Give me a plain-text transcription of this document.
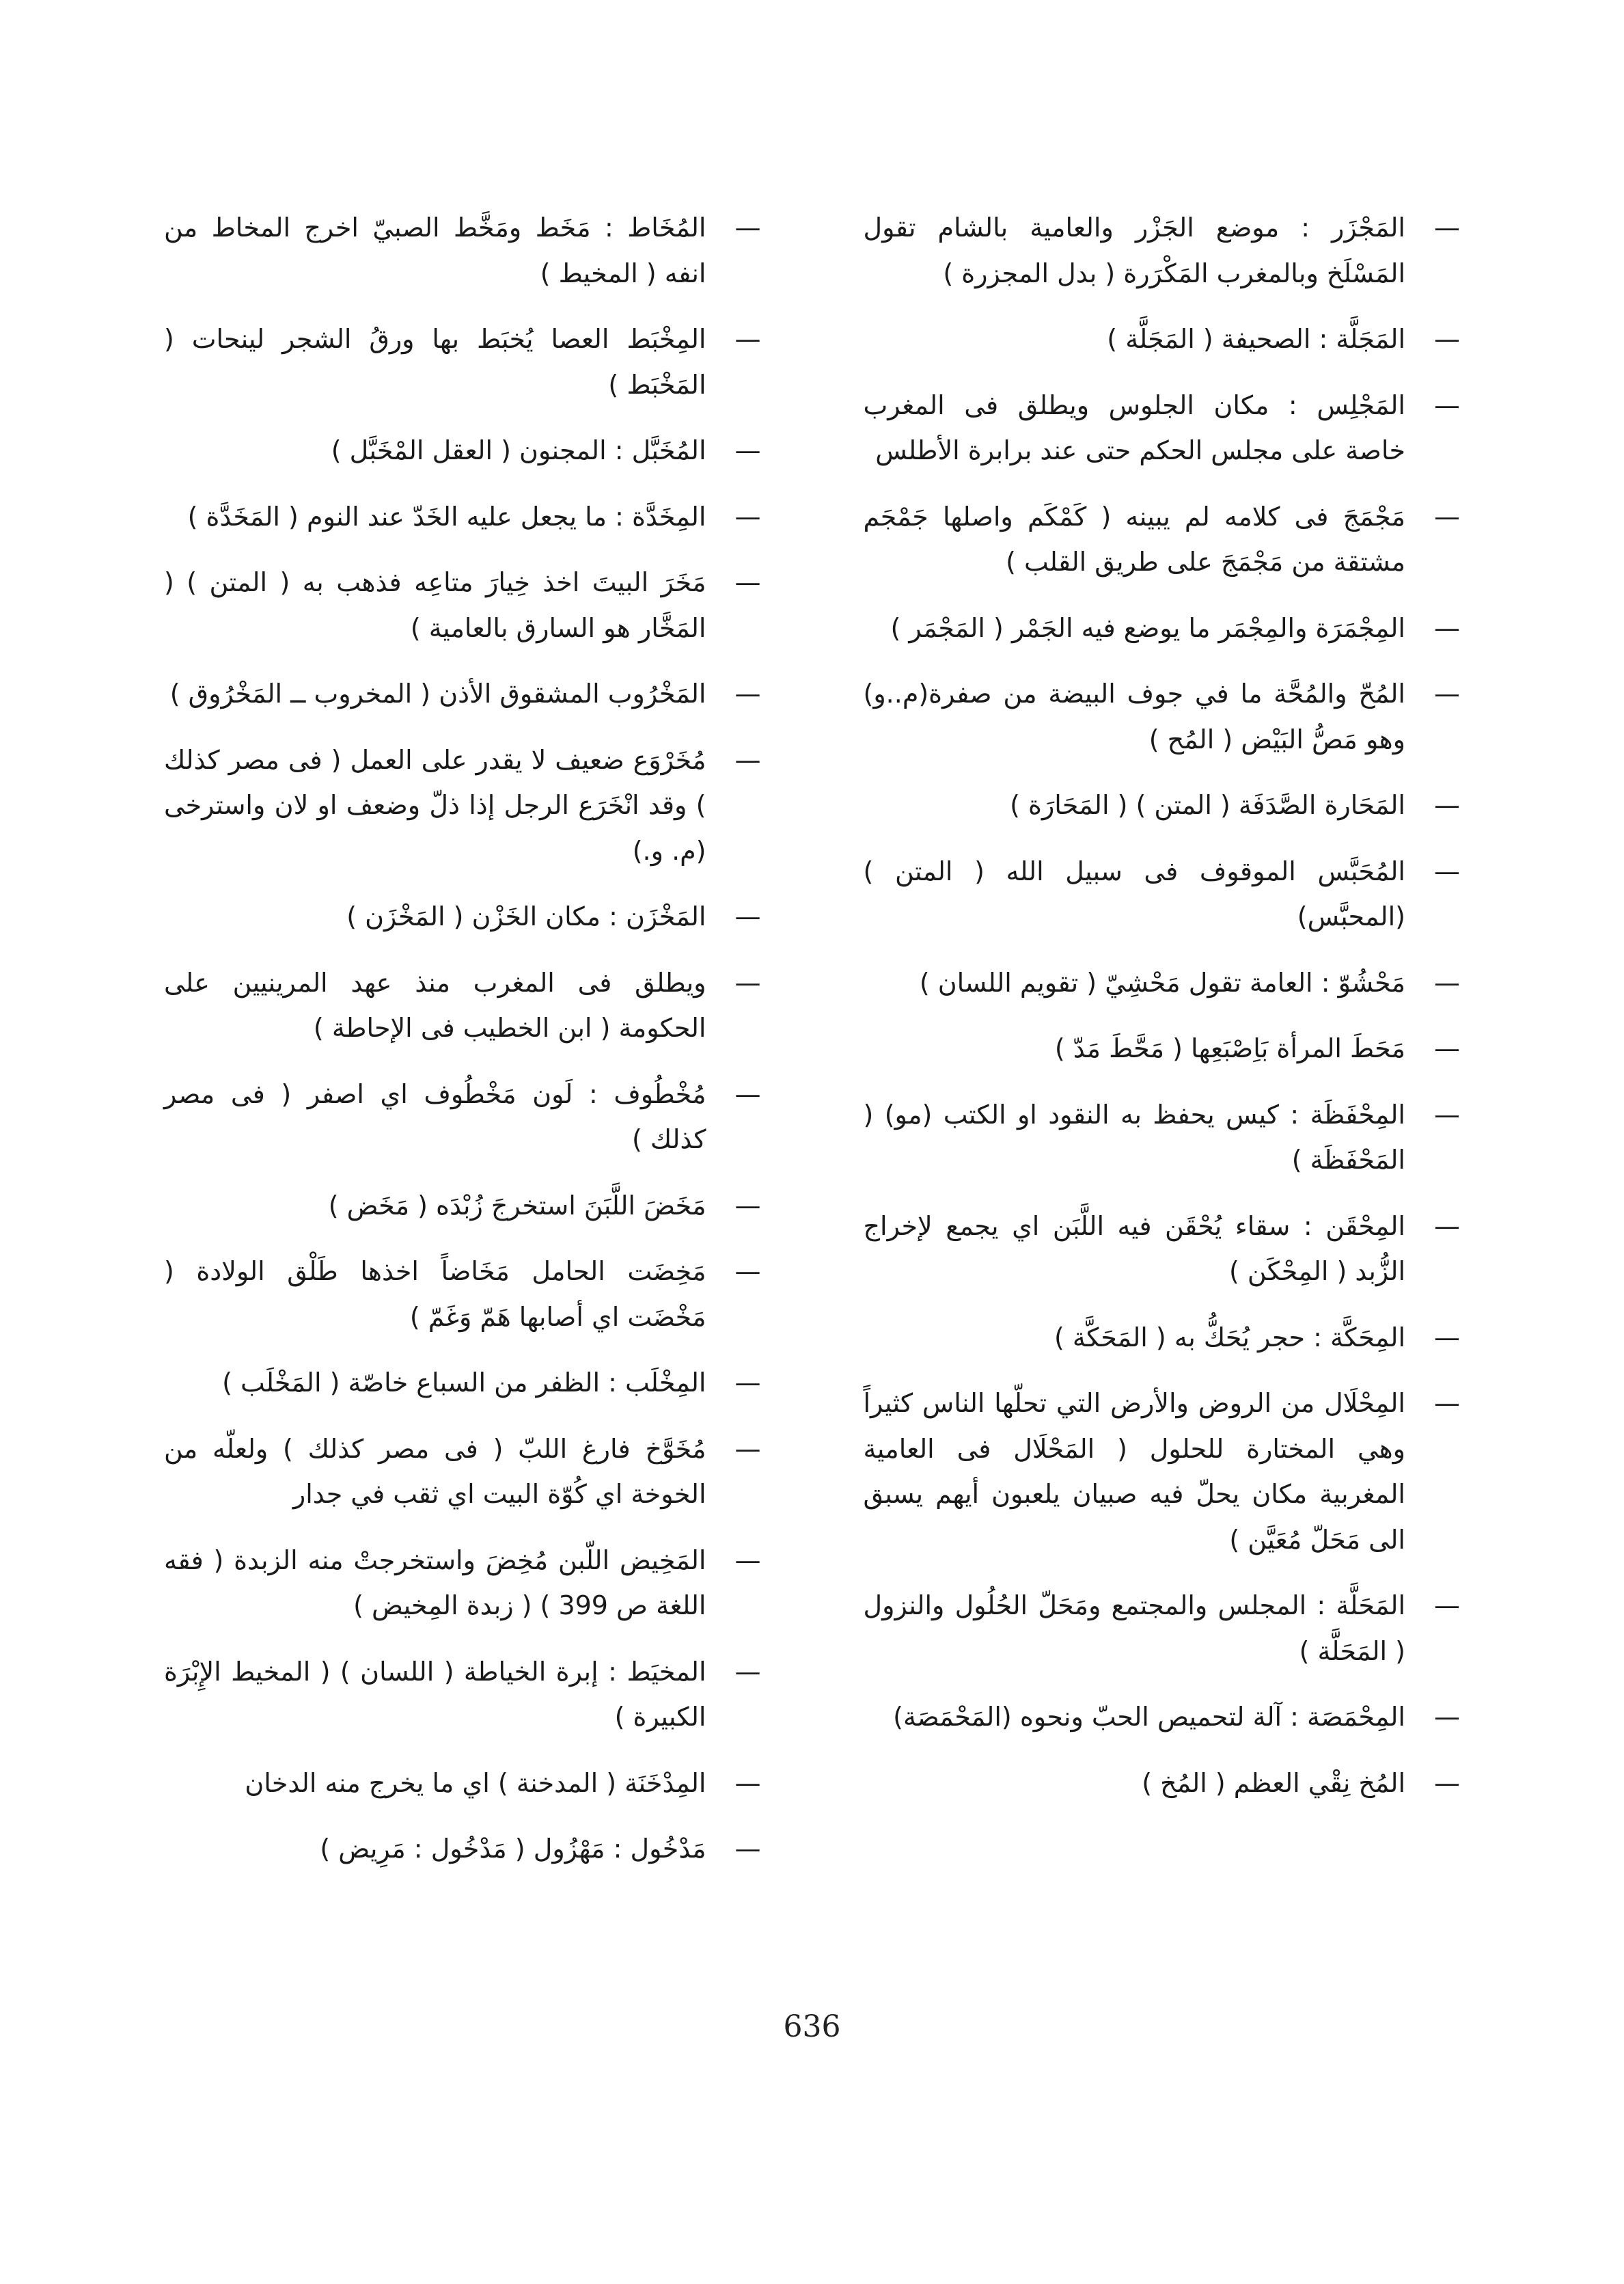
—
المَجْزَر : موضع الجَزْر والعامية بالشام تقول المَسْلَخ وبالمغرب المَكْرَرة ( بدل المجزرة )
—
المَجَلَّة : الصحيفة ( المَجَلَّة )
—
المَجْلِس : مكان الجلوس ويطلق فى المغرب خاصة على مجلس الحكم حتى عند برابرة الأطلس
—
مَجْمَجَ فى كلامه لم يبينه ( كَمْكَم واصلها جَمْجَم مشتقة من مَجْمَجَ على طريق القلب )
—
المِجْمَرَة والمِجْمَر ما يوضع فيه الجَمْر ( المَجْمَر )
—
المُحّ والمُحَّة ما في جوف البيضة من صفرة(م..و) وهو مَصُّ البَيْض ( المُح )
—
المَحَارة الصَّدَفَة ( المتن ) ( المَحَارَة )
—
المُحَبَّس الموقوف فى سبيل الله ( المتن ) (المحبَّس)
—
مَحْشُوّ : العامة تقول مَحْشِيّ ( تقويم اللسان )
—
مَحَطَ المرأة بَاِصْبَعِها ( مَحَّطَ مَدّ )
—
المِحْفَظَة : كيس يحفظ به النقود او الكتب (مو) ( المَحْفَظَة )
—
المِحْقَن : سقاء يُحْقَن فيه اللَّبَن اي يجمع لإخراج الزُّبد ( المِحْكَن )
—
المِحَكَّة : حجر يُحَكُّ به ( المَحَكَّة )
—
المِحْلَال من الروض والأرض التي تحلّها الناس كثيراً وهي المختارة للحلول ( المَحْلَال فى العامية المغربية مكان يحلّ فيه صبيان يلعبون أيهم يسبق الى مَحَلّ مُعَيَّن )
—
المَحَلَّة : المجلس والمجتمع ومَحَلّ الحُلُول والنزول ( المَحَلَّة )
—
المِحْمَصَة : آلة لتحميص الحبّ ونحوه (المَحْمَصَة)
—
المُخ نِقْي العظم ( المُخ )
—
المُخَاط : مَخَط ومَخَّط الصبيّ اخرج المخاط من انفه ( المخيط )
—
المِخْبَط العصا يُخبَط بها ورقُ الشجر لينحات ( المَخْبَط )
—
المُخَبَّل : المجنون ( العقل المْخَبَّل )
—
المِخَدَّة : ما يجعل عليه الخَدّ عند النوم ( المَخَدَّة )
—
مَخَرَ البيتَ اخذ خِيارَ متاعِه فذهب به ( المتن ) ( المَخَّار هو السارق بالعامية )
—
المَخْرُوب المشقوق الأذن ( المخروب ــ المَخْرُوق )
—
مُخَرْوَع ضعيف لا يقدر على العمل ( فى مصر كذلك ) وقد انْخَرَع الرجل إذا ذلّ وضعف او لان واسترخى (م. و.)
—
المَخْزَن : مكان الخَزْن ( المَخْزَن )
—
ويطلق فى المغرب منذ عهد المرينيين على الحكومة ( ابن الخطيب فى الإحاطة )
—
مُخْطُوف : لَون مَخْطُوف اي اصفر ( فى مصر كذلك )
—
مَخَضَ اللَّبَنَ استخرجَ زُبْدَه ( مَخَض )
—
مَخِضَت الحامل مَخَاضاً اخذها طَلْق الولادة ( مَخْضَت اي أصابها هَمّ وَغَمّ )
—
المِخْلَب : الظفر من السباع خاصّة ( المَخْلَب )
—
مُخَوَّخ فارغ اللبّ ( فى مصر كذلك ) ولعلّه من الخوخة اي كُوّة البيت اي ثقب في جدار
—
المَخِيض اللّبن مُخِضَ واستخرجتْ منه الزبدة ( فقه اللغة ص 399 ) ( زبدة المِخيض )
—
المخيَط : إبرة الخياطة ( اللسان ) ( المخيط الإِبْرَة الكبيرة )
—
المِدْخَنَة ( المدخنة ) اي ما يخرج منه الدخان
—
مَدْخُول : مَهْزُول ( مَدْخُول : مَرِيض )
636
